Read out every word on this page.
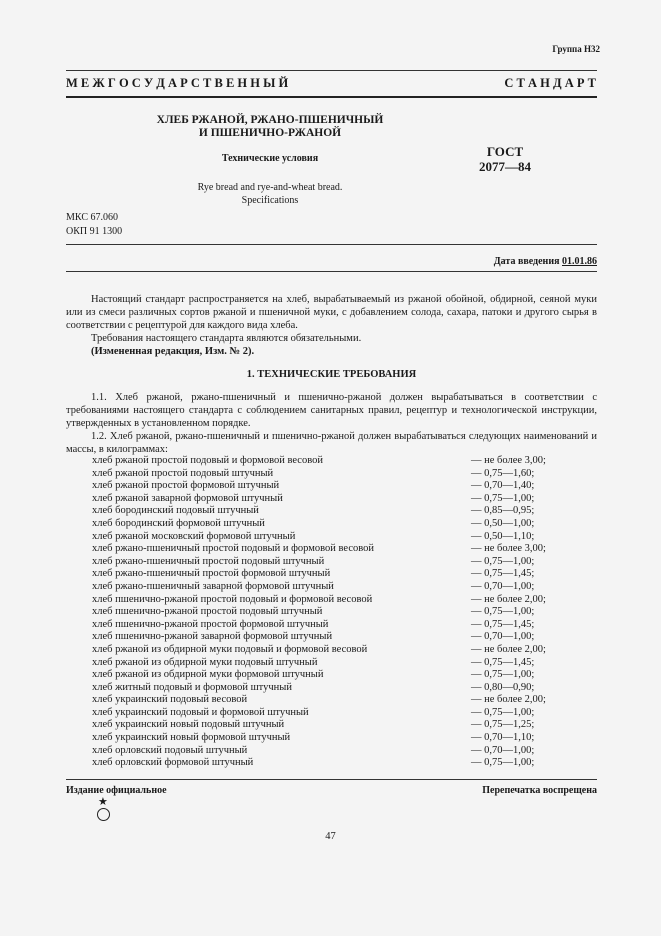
Группа Н32
М Е Ж Г О С У Д А Р С Т В Е Н Н Ы Й	С Т А Н Д А Р Т
ХЛЕБ РЖАНОЙ, РЖАНО-ПШЕНИЧНЫЙ
И ПШЕНИЧНО-РЖАНОЙ
Технические условия
Rye bread and rye-and-wheat bread.
Specifications
ГОСТ
2077—84
МКС 67.060
ОКП 91 1300
Дата введения 01.01.86

Настоящий стандарт распространяется на хлеб, вырабатываемый из ржаной обойной, обдирной, сеяной муки или из смеси различных сортов ржаной и пшеничной муки, с добавлением солода, сахара, патоки и другого сырья в соответствии с рецептурой для каждого вида хлеба.

Требования настоящего стандарта являются обязательными.

(Измененная редакция, Изм. № 2).

1. ТЕХНИЧЕСКИЕ ТРЕБОВАНИЯ

1.1. Хлеб ржаной, ржано-пшеничный и пшенично-ржаной должен вырабатываться в соответствии с требованиями настоящего стандарта с соблюдением санитарных правил, рецептур и технологической инструкции, утвержденных в установленном порядке.

1.2. Хлеб ржаной, ржано-пшеничный и пшенично-ржаной должен вырабатываться следующих наименований и массы, в килограммах:

хлеб ржаной простой подовый и формовой весовой	— не более 3,00;
хлеб ржаной простой подовый штучный	— 0,75—1,60;
хлеб ржаной простой формовой штучный	— 0,70—1,40;
хлеб ржаной заварной формовой штучный	— 0,75—1,00;
хлеб бородинский подовый штучный	— 0,85—0,95;
хлеб бородинский формовой штучный	— 0,50—1,00;
хлеб ржаной московский формовой штучный	— 0,50—1,10;
хлеб ржано-пшеничный простой подовый и формовой весовой	— не более 3,00;
хлеб ржано-пшеничный простой подовый штучный	— 0,75—1,00;
хлеб ржано-пшеничный простой формовой штучный	— 0,75—1,45;
хлеб ржано-пшеничный заварной формовой штучный	— 0,70—1,00;
хлеб пшенично-ржаной простой подовый и формовой весовой	— не более 2,00;
хлеб пшенично-ржаной простой подовый штучный	— 0,75—1,00;
хлеб пшенично-ржаной простой формовой штучный	— 0,75—1,45;
хлеб пшенично-ржаной заварной формовой штучный	— 0,70—1,00;
хлеб ржаной из обдирной муки подовый и формовой весовой	— не более 2,00;
хлеб ржаной из обдирной муки подовый штучный	— 0,75—1,45;
хлеб ржаной из обдирной муки формовой штучный	— 0,75—1,00;
хлеб житный подовый и формовой штучный	— 0,80—0,90;
хлеб украинский подовый весовой	— не более 2,00;
хлеб украинский подовый и формовой штучный	— 0,75—1,00;
хлеб украинский новый подовый штучный	— 0,75—1,25;
хлеб украинский новый формовой штучный	— 0,70—1,10;
хлеб орловский подовый штучный	— 0,70—1,00;
хлеб орловский формовой штучный	— 0,75—1,00;
Издание официальное	Перепечатка воспрещена
★
47
